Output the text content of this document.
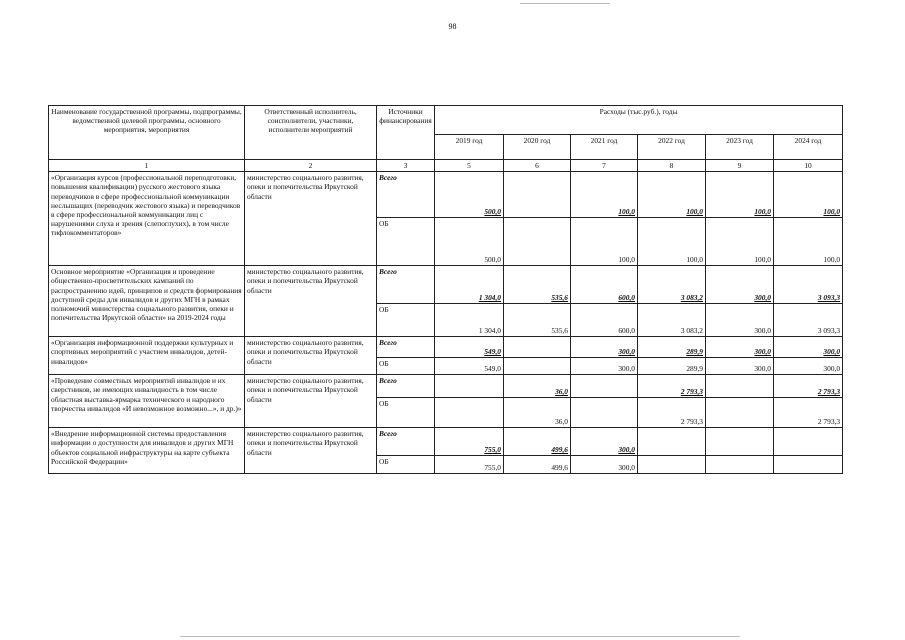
98
Наименование государственной программы, подпрограммы, ведомственной целевой программы, основного мероприятия, мероприятия	Ответственный исполнитель, соисполнители, участники, исполнители мероприятий	Источники финансирования	Расходы (тыс.руб.), годы					
			2019 год	2020 год	2021 год	2022 год	2023 год	2024 год
1	2	3	5	6	7	8	9	10
«Организация курсов (профессиональной переподготовки, повышения квалификации) русского жестового языка переводчиков в сфере профессиональной коммуникации неслышащих (переводчик жестового языка) и переводчиков в сфере профессиональной коммуникации лиц с нарушениями слуха и зрения (слепоглухих), в том числе тифлокомментаторов»	министерство социального развития, опеки и попечительства Иркутской области	Всего	500,0		100,0	100,0	100,0	100,0
		ОБ	500,0		100,0	100,0	100,0	100,0
Основное мероприятие «Организация и проведение общественно-просветительских кампаний по распространению идей, принципов и средств формирования доступной среды для инвалидов и других МГН в рамках полномочий министерства социального развития, опеки и попечительства Иркутской области» на 2019-2024 годы	министерство социального развития, опеки и попечительства Иркутской области	Всего	1 304,0	535,6	600,0	3 083,2	300,0	3 093,3
		ОБ	1 304,0	535,6	600,0	3 083,2	300,0	3 093,3
«Организация информационной поддержки культурных и спортивных мероприятий с участием инвалидов, детей-инвалидов»	министерство социального развития, опеки и попечительства Иркутской области	Всего	549,0		300,0	289,9	300,0	300,0
		ОБ	549,0		300,0	289,9	300,0	300,0
«Проведение совместных мероприятий инвалидов и их сверстников, не имеющих инвалидность в том числе областная выставка-ярмарка технического и народного творчества инвалидов «И невозможное возможно...», и др.)»	министерство социального развития, опеки и попечительства Иркутской области	Всего		36,0		2 793,3		2 793,3
		ОБ		36,0		2 793,3		2 793,3
«Внедрение информационной системы предоставления информации о доступности для инвалидов и других МГН объектов социальной инфраструктуры на карте субъекта Российской Федерации»	министерство социального развития, опеки и попечительства Иркутской области	Всего	755,0	499,6	300,0			
		ОБ	755,0	499,6	300,0			
